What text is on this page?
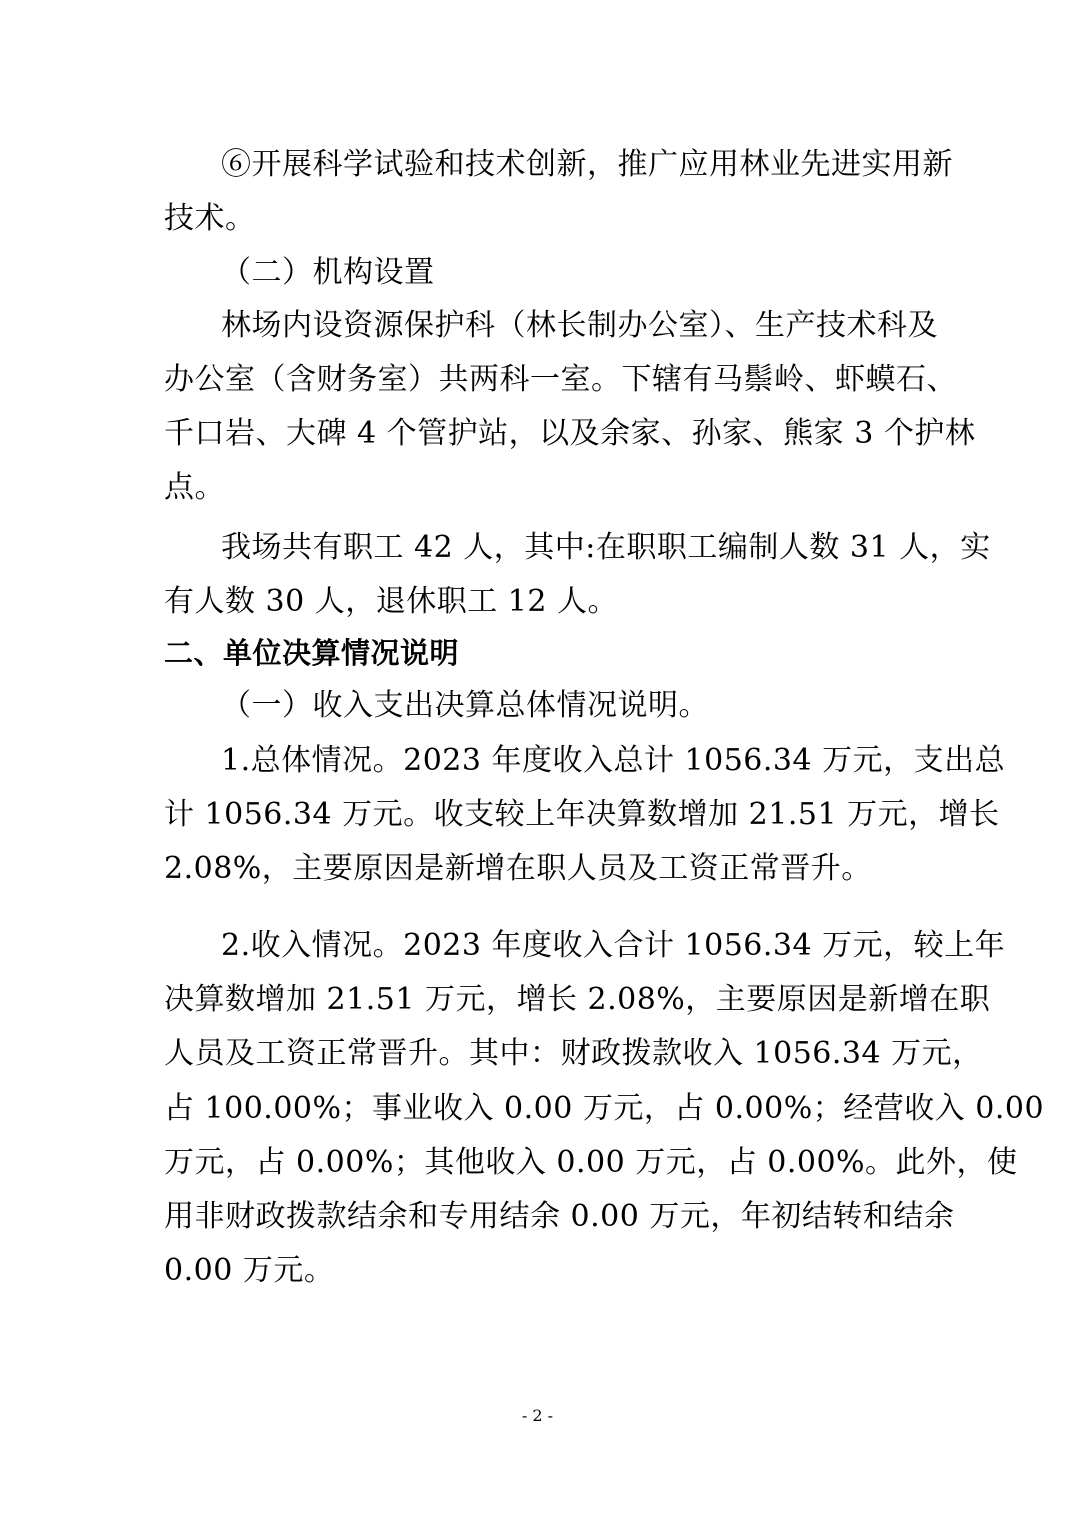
⑥开展科学试验和技术创新，推广应用林业先进实用新
技术。
（二）机构设置
林场内设资源保护科（林长制办公室）、生产技术科及
办公室（含财务室）共两科一室。下辖有马鬃岭、虾蟆石、
千口岩、大碑 4 个管护站，以及余家、孙家、熊家 3 个护林
点。
我场共有职工 42 人，其中:在职职工编制人数 31 人，实
有人数 30 人，退休职工 12 人。
二、单位决算情况说明
（一）收入支出决算总体情况说明。
1.总体情况。2023 年度收入总计 1056.34 万元，支出总
计 1056.34 万元。收支较上年决算数增加 21.51 万元，增长
2.08%，主要原因是新增在职人员及工资正常晋升。
2.收入情况。2023 年度收入合计 1056.34 万元，较上年
决算数增加 21.51 万元，增长 2.08%，主要原因是新增在职
人员及工资正常晋升。其中：财政拨款收入 1056.34 万元，
占 100.00%；事业收入 0.00 万元，占 0.00%；经营收入 0.00
万元，占 0.00%；其他收入 0.00 万元，占 0.00%。此外，使
用非财政拨款结余和专用结余 0.00 万元，年初结转和结余
0.00 万元。
- 2 -
